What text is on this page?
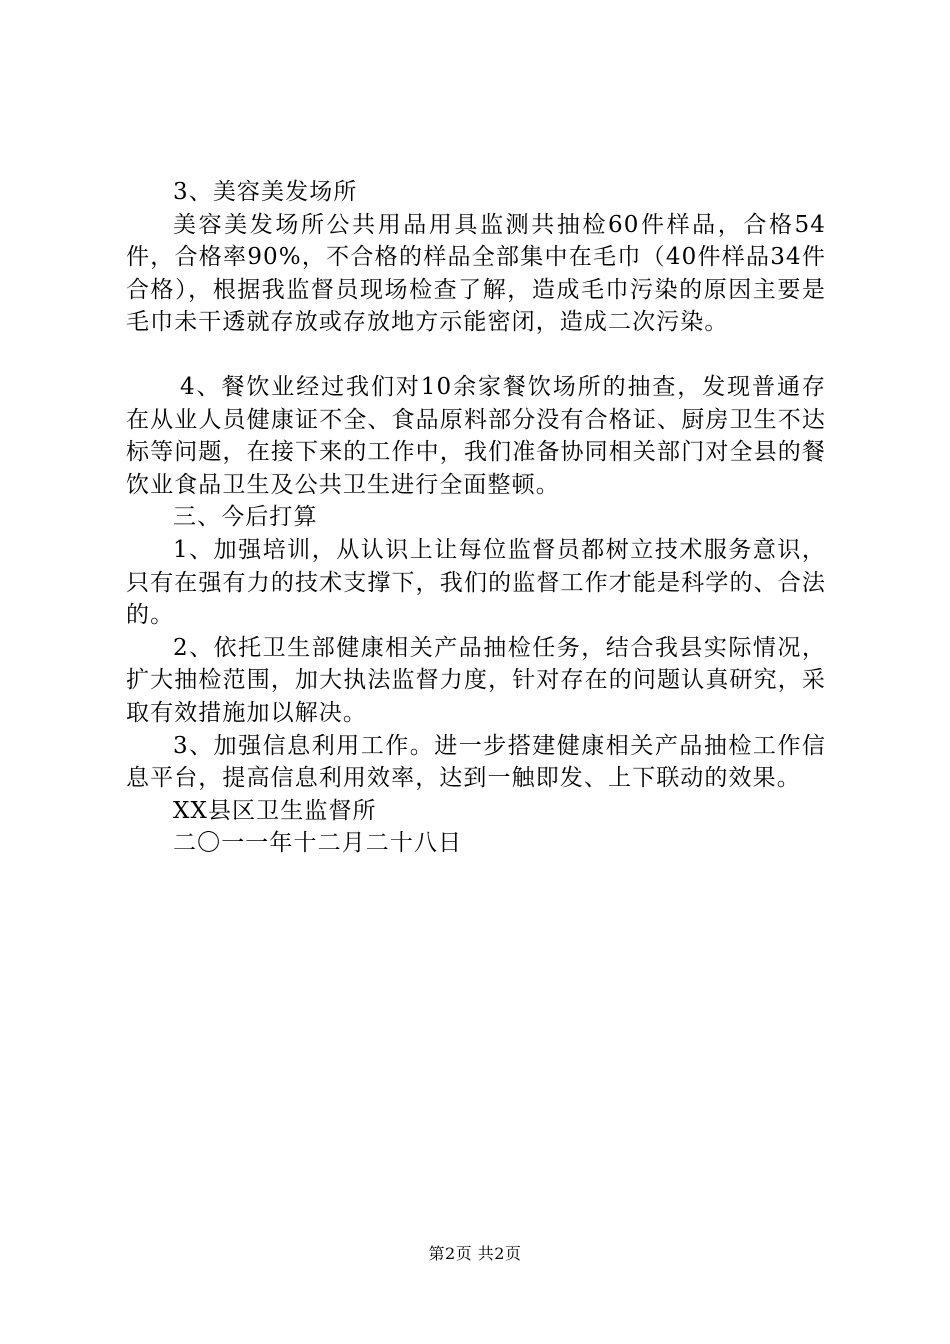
3、美容美发场所

美容美发场所公共用品用具监测共抽检60件样品，合格54件，合格率90%，不合格的样品全部集中在毛巾（40件样品34件合格），根据我监督员现场检查了解，造成毛巾污染的原因主要是毛巾未干透就存放或存放地方示能密闭，造成二次污染。

4、餐饮业经过我们对10余家餐饮场所的抽查，发现普通存在从业人员健康证不全、食品原料部分没有合格证、厨房卫生不达标等问题，在接下来的工作中，我们准备协同相关部门对全县的餐饮业食品卫生及公共卫生进行全面整顿。

三、今后打算

1、加强培训，从认识上让每位监督员都树立技术服务意识，只有在强有力的技术支撑下，我们的监督工作才能是科学的、合法的。

2、依托卫生部健康相关产品抽检任务，结合我县实际情况，扩大抽检范围，加大执法监督力度，针对存在的问题认真研究，采取有效措施加以解决。

3、加强信息利用工作。进一步搭建健康相关产品抽检工作信息平台，提高信息利用效率，达到一触即发、上下联动的效果。

XX县区卫生监督所

二〇一一年十二月二十八日

第2页 共2页
